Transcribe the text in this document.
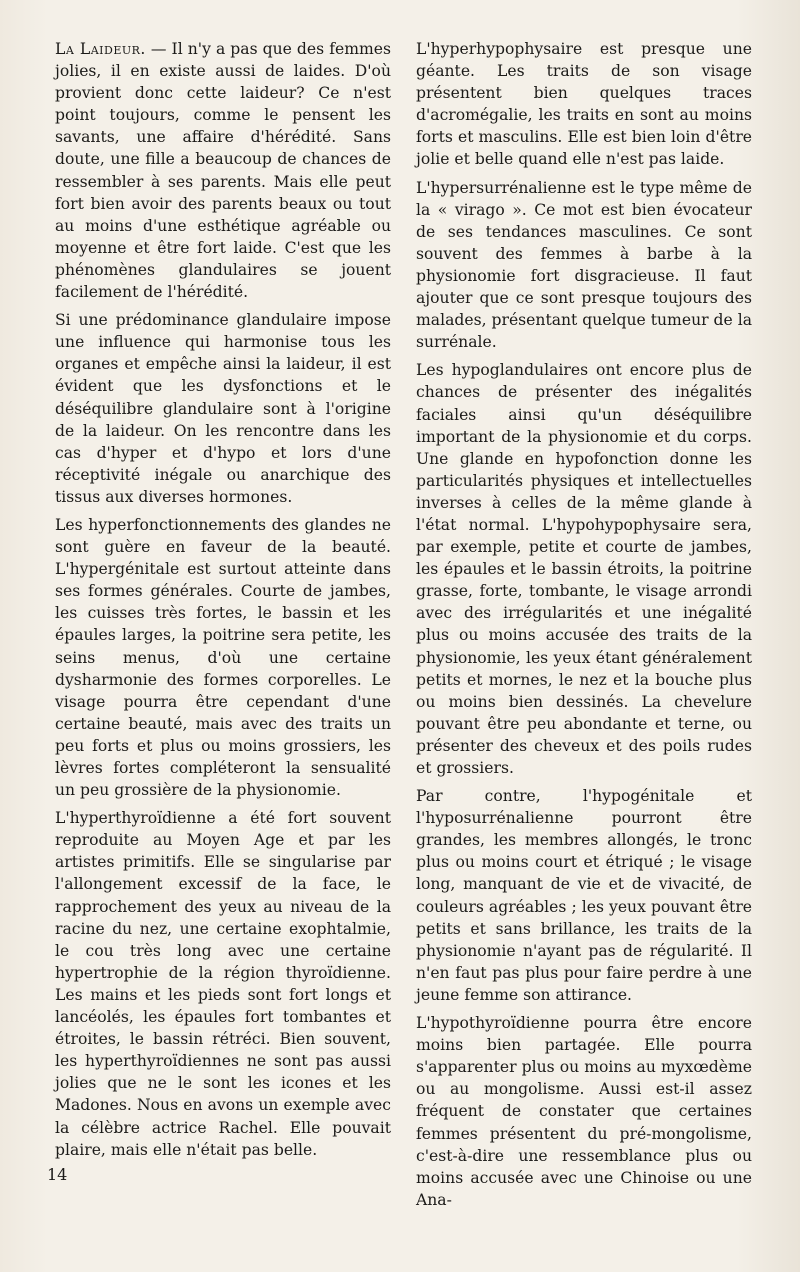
La Laideur. — Il n'y a pas que des femmes jolies, il en existe aussi de laides. D'où provient donc cette laideur? Ce n'est point toujours, comme le pensent les savants, une affaire d'hérédité. Sans doute, une fille a beaucoup de chances de ressembler à ses parents. Mais elle peut fort bien avoir des parents beaux ou tout au moins d'une esthétique agréable ou moyenne et être fort laide. C'est que les phénomènes glandulaires se jouent facilement de l'hérédité.

Si une prédominance glandulaire impose une influence qui harmonise tous les organes et empêche ainsi la laideur, il est évident que les dysfonctions et le déséquilibre glandulaire sont à l'origine de la laideur. On les rencontre dans les cas d'hyper et d'hypo et lors d'une réceptivité inégale ou anarchique des tissus aux diverses hormones.

Les hyperfonctionnements des glandes ne sont guère en faveur de la beauté. L'hypergénitale est surtout atteinte dans ses formes générales. Courte de jambes, les cuisses très fortes, le bassin et les épaules larges, la poitrine sera petite, les seins menus, d'où une certaine dysharmonie des formes corporelles. Le visage pourra être cependant d'une certaine beauté, mais avec des traits un peu forts et plus ou moins grossiers, les lèvres fortes compléteront la sensualité un peu grossière de la physionomie.

L'hyperthyroïdienne a été fort souvent reproduite au Moyen Age et par les artistes primitifs. Elle se singularise par l'allongement excessif de la face, le rapprochement des yeux au niveau de la racine du nez, une certaine exophtalmie, le cou très long avec une certaine hypertrophie de la région thyroïdienne. Les mains et les pieds sont fort longs et lancéolés, les épaules fort tombantes et étroites, le bassin rétréci. Bien souvent, les hyperthyroïdiennes ne sont pas aussi jolies que ne le sont les icones et les Madones. Nous en avons un exemple avec la célèbre actrice Rachel. Elle pouvait plaire, mais elle n'était pas belle.

L'hyperhypophysaire est presque une géante. Les traits de son visage présentent bien quelques traces d'acromégalie, les traits en sont au moins forts et masculins. Elle est bien loin d'être jolie et belle quand elle n'est pas laide.

L'hypersurrénalienne est le type même de la « virago ». Ce mot est bien évocateur de ses tendances masculines. Ce sont souvent des femmes à barbe à la physionomie fort disgracieuse. Il faut ajouter que ce sont presque toujours des malades, présentant quelque tumeur de la surrénale.

Les hypoglandulaires ont encore plus de chances de présenter des inégalités faciales ainsi qu'un déséquilibre important de la physionomie et du corps. Une glande en hypofonction donne les particularités physiques et intellectuelles inverses à celles de la même glande à l'état normal. L'hypohypophysaire sera, par exemple, petite et courte de jambes, les épaules et le bassin étroits, la poitrine grasse, forte, tombante, le visage arrondi avec des irrégularités et une inégalité plus ou moins accusée des traits de la physionomie, les yeux étant généralement petits et mornes, le nez et la bouche plus ou moins bien dessinés. La chevelure pouvant être peu abondante et terne, ou présenter des cheveux et des poils rudes et grossiers.

Par contre, l'hypogénitale et l'hyposurrénalienne pourront être grandes, les membres allongés, le tronc plus ou moins court et étriqué ; le visage long, manquant de vie et de vivacité, de couleurs agréables ; les yeux pouvant être petits et sans brillance, les traits de la physionomie n'ayant pas de régularité. Il n'en faut pas plus pour faire perdre à une jeune femme son attirance.

L'hypothyroïdienne pourra être encore moins bien partagée. Elle pourra s'apparenter plus ou moins au myxœdème ou au mongolisme. Aussi est-il assez fréquent de constater que certaines femmes présentent du pré-mongolisme, c'est-à-dire une ressemblance plus ou moins accusée avec une Chinoise ou une Ana-

14
